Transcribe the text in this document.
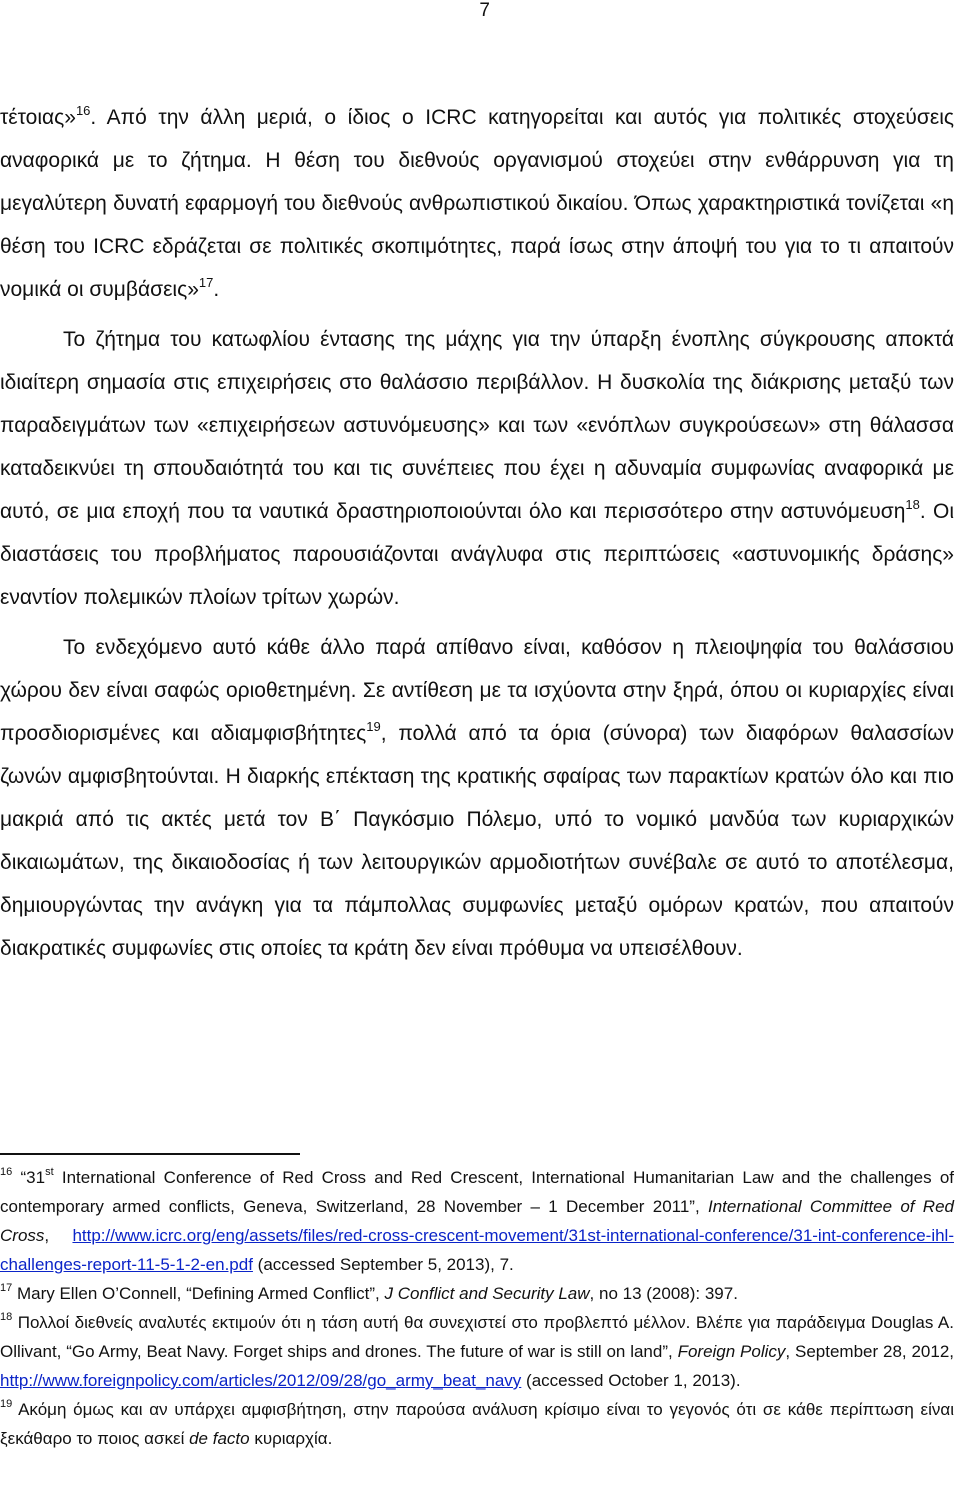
7

τέτοιας»$^{16}$. Από την άλλη μεριά, ο ίδιος ο ICRC κατηγορείται και αυτός για πολιτικές στοχεύσεις αναφορικά με το ζήτημα. Η θέση του διεθνούς οργανισμού στοχεύει στην ενθάρρυνση για τη μεγαλύτερη δυνατή εφαρμογή του διεθνούς ανθρωπιστικού δικαίου. Όπως χαρακτηριστικά τονίζεται «η θέση του ICRC εδράζεται σε πολιτικές σκοπιμότητες, παρά ίσως στην άποψή του για το τι απαιτούν νομικά οι συμβάσεις»$^{17}$.

Το ζήτημα του κατωφλίου έντασης της μάχης για την ύπαρξη ένοπλης σύγκρουσης αποκτά ιδιαίτερη σημασία στις επιχειρήσεις στο θαλάσσιο περιβάλλον. Η δυσκολία της διάκρισης μεταξύ των παραδειγμάτων των «επιχειρήσεων αστυνόμευσης» και των «ενόπλων συγκρούσεων» στη θάλασσα καταδεικνύει τη σπουδαιότητά του και τις συνέπειες που έχει η αδυναμία συμφωνίας αναφορικά με αυτό, σε μια εποχή που τα ναυτικά δραστηριοποιούνται όλο και περισσότερο στην αστυνόμευση$^{18}$. Οι διαστάσεις του προβλήματος παρουσιάζονται ανάγλυφα στις περιπτώσεις «αστυνομικής δράσης» εναντίον πολεμικών πλοίων τρίτων χωρών.

Το ενδεχόμενο αυτό κάθε άλλο παρά απίθανο είναι, καθόσον η πλειοψηφία του θαλάσσιου χώρου δεν είναι σαφώς οριοθετημένη. Σε αντίθεση με τα ισχύοντα στην ξηρά, όπου οι κυριαρχίες είναι προσδιορισμένες και αδιαμφισβήτητες$^{19}$, πολλά από τα όρια (σύνορα) των διαφόρων θαλασσίων ζωνών αμφισβητούνται. Η διαρκής επέκταση της κρατικής σφαίρας των παρακτίων κρατών όλο και πιο μακριά από τις ακτές μετά τον Β΄ Παγκόσμιο Πόλεμο, υπό το νομικό μανδύα των κυριαρχικών δικαιωμάτων, της δικαιοδοσίας ή των λειτουργικών αρμοδιοτήτων συνέβαλε σε αυτό το αποτέλεσμα, δημιουργώντας την ανάγκη για τα πάμπολλας συμφωνίες μεταξύ ομόρων κρατών, που απαιτούν διακρατικές συμφωνίες στις οποίες τα κράτη δεν είναι πρόθυμα να υπεισέλθουν.

$^{16}$ “31st International Conference of Red Cross and Red Crescent, International Humanitarian Law and the challenges of contemporary armed conflicts, Geneva, Switzerland, 28 November – 1 December 2011”, International Committee of Red Cross, http://www.icrc.org/eng/assets/files/red-cross-crescent-movement/31st-international-conference/31-int-conference-ihl-challenges-report-11-5-1-2-en.pdf (accessed September 5, 2013), 7.

$^{17}$ Mary Ellen O’Connell, “Defining Armed Conflict”, J Conflict and Security Law, no 13 (2008): 397.

$^{18}$ Πολλοί διεθνείς αναλυτές εκτιμούν ότι η τάση αυτή θα συνεχιστεί στο προβλεπτό μέλλον. Βλέπε για παράδειγμα Douglas A. Ollivant, “Go Army, Beat Navy. Forget ships and drones. The future of war is still on land”, Foreign Policy, September 28, 2012, http://www.foreignpolicy.com/articles/2012/09/28/go_army_beat_navy (accessed October 1, 2013).

$^{19}$ Ακόμη όμως και αν υπάρχει αμφισβήτηση, στην παρούσα ανάλυση κρίσιμο είναι το γεγονός ότι σε κάθε περίπτωση είναι ξεκάθαρο το ποιος ασκεί de facto κυριαρχία.
